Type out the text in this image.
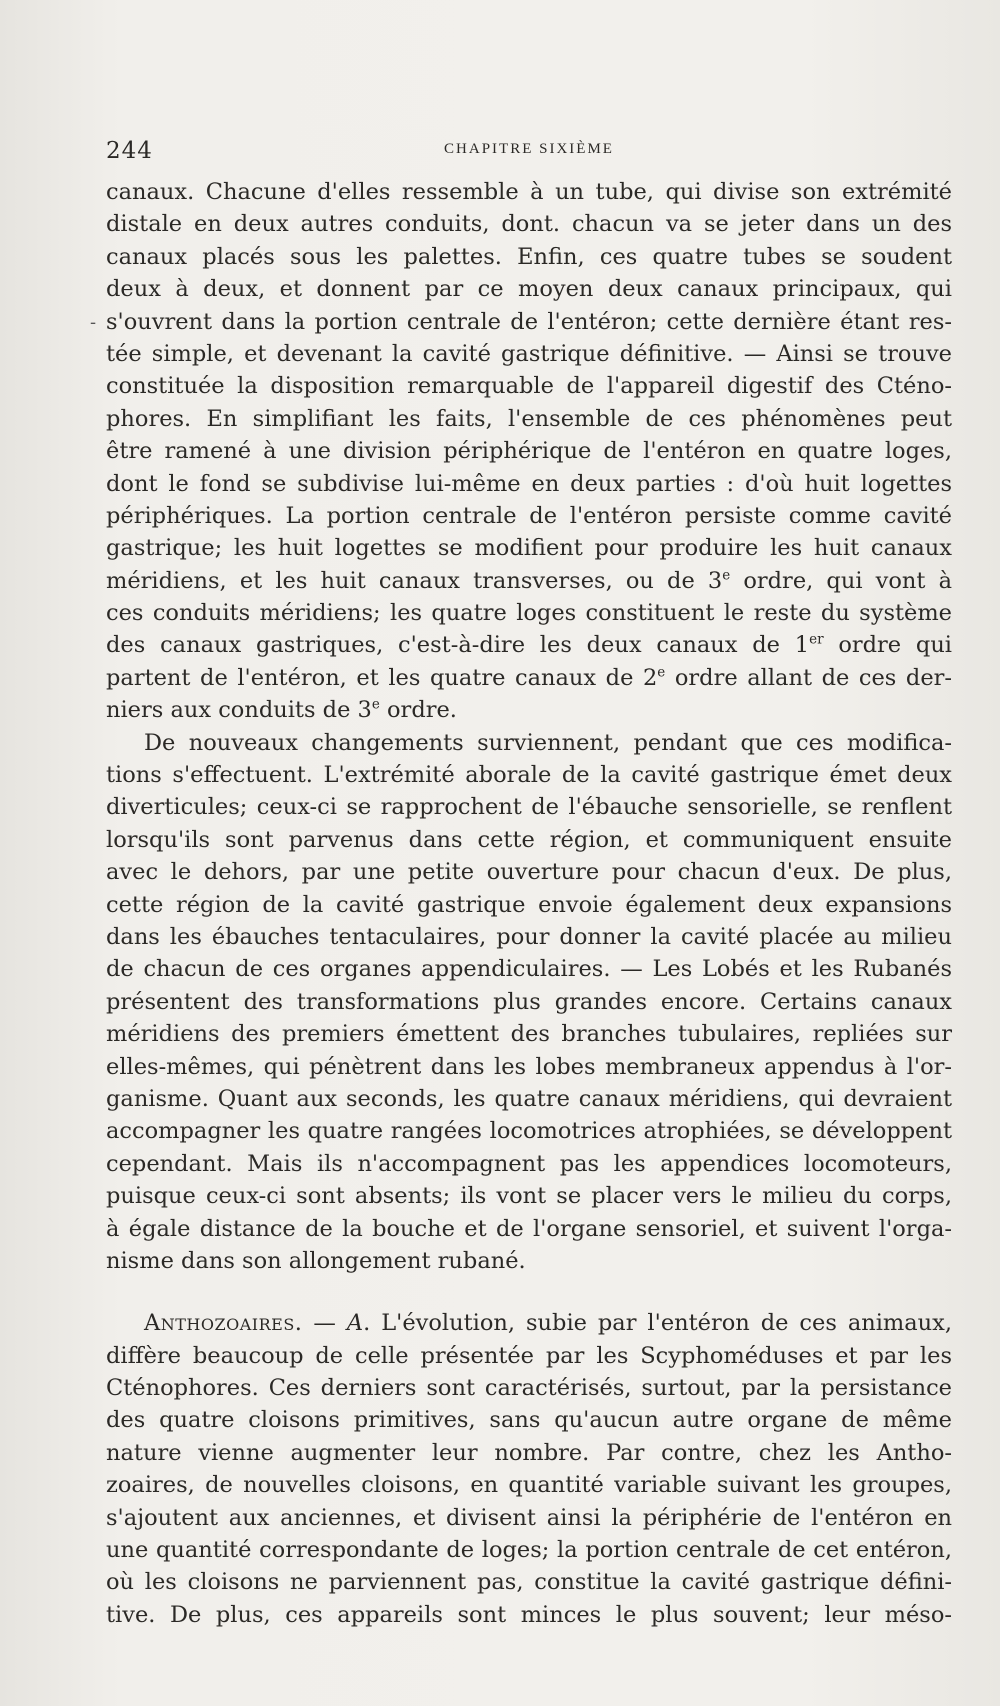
244	CHAPITRE SIXIÈME
-
canaux. Chacune d'elles ressemble à un tube, qui divise son extrémité
distale en deux autres conduits, dont. chacun va se jeter dans un des
canaux placés sous les palettes. Enfin, ces quatre tubes se soudent
deux à deux, et donnent par ce moyen deux canaux principaux, qui
s'ouvrent dans la portion centrale de l'entéron; cette dernière étant res-
tée simple, et devenant la cavité gastrique définitive. — Ainsi se trouve
constituée la disposition remarquable de l'appareil digestif des Cténo-
phores. En simplifiant les faits, l'ensemble de ces phénomènes peut
être ramené à une division périphérique de l'entéron en quatre loges,
dont le fond se subdivise lui-même en deux parties : d'où huit logettes
périphériques. La portion centrale de l'entéron persiste comme cavité
gastrique; les huit logettes se modifient pour produire les huit canaux
méridiens, et les huit canaux transverses, ou de 3e ordre, qui vont à
ces conduits méridiens; les quatre loges constituent le reste du système
des canaux gastriques, c'est-à-dire les deux canaux de 1er ordre qui
partent de l'entéron, et les quatre canaux de 2e ordre allant de ces der-
niers aux conduits de 3e ordre.
De nouveaux changements surviennent, pendant que ces modifica-
tions s'effectuent. L'extrémité aborale de la cavité gastrique émet deux
diverticules; ceux-ci se rapprochent de l'ébauche sensorielle, se renflent
lorsqu'ils sont parvenus dans cette région, et communiquent ensuite
avec le dehors, par une petite ouverture pour chacun d'eux. De plus,
cette région de la cavité gastrique envoie également deux expansions
dans les ébauches tentaculaires, pour donner la cavité placée au milieu
de chacun de ces organes appendiculaires. — Les Lobés et les Rubanés
présentent des transformations plus grandes encore. Certains canaux
méridiens des premiers émettent des branches tubulaires, repliées sur
elles-mêmes, qui pénètrent dans les lobes membraneux appendus à l'or-
ganisme. Quant aux seconds, les quatre canaux méridiens, qui devraient
accompagner les quatre rangées locomotrices atrophiées, se développent
cependant. Mais ils n'accompagnent pas les appendices locomoteurs,
puisque ceux-ci sont absents; ils vont se placer vers le milieu du corps,
à égale distance de la bouche et de l'organe sensoriel, et suivent l'orga-
nisme dans son allongement rubané.
Anthozoaires. — A. L'évolution, subie par l'entéron de ces animaux,
diffère beaucoup de celle présentée par les Scyphoméduses et par les
Cténophores. Ces derniers sont caractérisés, surtout, par la persistance
des quatre cloisons primitives, sans qu'aucun autre organe de même
nature vienne augmenter leur nombre. Par contre, chez les Antho-
zoaires, de nouvelles cloisons, en quantité variable suivant les groupes,
s'ajoutent aux anciennes, et divisent ainsi la périphérie de l'entéron en
une quantité correspondante de loges; la portion centrale de cet entéron,
où les cloisons ne parviennent pas, constitue la cavité gastrique défini-
tive. De plus, ces appareils sont minces le plus souvent; leur méso-
